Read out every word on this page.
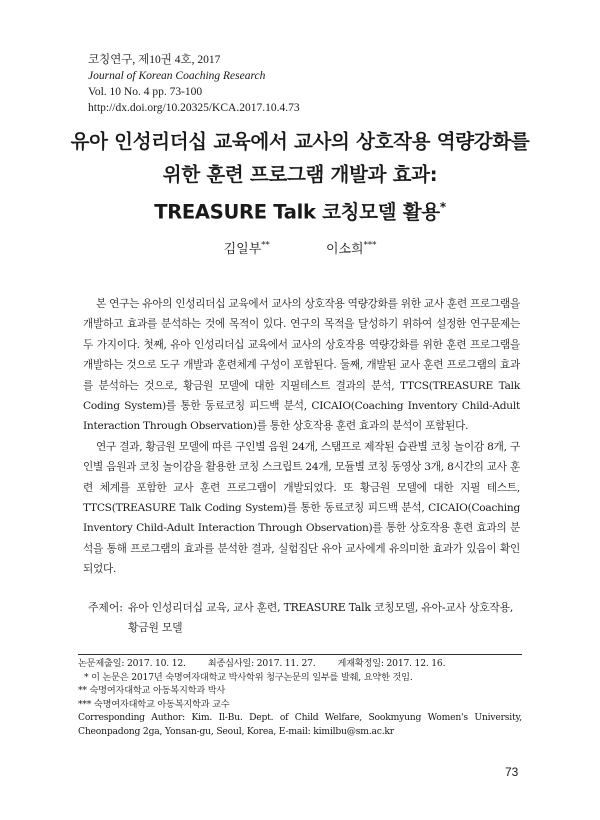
코칭연구, 제10권 4호, 2017
Journal of Korean Coaching Research
Vol. 10 No. 4 pp. 73-100
http://dx.doi.org/10.20325/KCA.2017.10.4.73
유아 인성리더십 교육에서 교사의 상호작용 역량강화를
위한 훈련 프로그램 개발과 효과:
TREASURE Talk 코칭모델 활용*
김일부**	이소희***

본 연구는 유아의 인성리더십 교육에서 교사의 상호작용 역량강화를 위한 교사 훈련 프로그램을 개발하고 효과를 분석하는 것에 목적이 있다. 연구의 목적을 달성하기 위하여 설정한 연구문제는 두 가지이다. 첫째, 유아 인성리더십 교육에서 교사의 상호작용 역량강화를 위한 훈련 프로그램을 개발하는 것으로 도구 개발과 훈련체계 구성이 포함된다. 둘째, 개발된 교사 훈련 프로그램의 효과를 분석하는 것으로, 황금원 모델에 대한 지필테스트 결과의 분석, TTCS(TREASURE Talk Coding System)를 통한 동료코칭 피드백 분석, CICAIO(Coaching Inventory Child-Adult Interaction Through Observation)를 통한 상호작용 훈련 효과의 분석이 포함된다.

연구 결과, 황금원 모델에 따른 구인별 음원 24개, 스탬프로 제작된 습관별 코칭 놀이감 8개, 구인별 음원과 코칭 놀이감을 활용한 코칭 스크립트 24개, 모듈별 코칭 동영상 3개, 8시간의 교사 훈련 체계를 포함한 교사 훈련 프로그램이 개발되었다. 또 황금원 모델에 대한 지필 테스트, TTCS(TREASURE Talk Coding System)를 통한 동료코칭 피드백 분석, CICAIO(Coaching Inventory Child-Adult Interaction Through Observation)를 통한 상호작용 훈련 효과의 분석을 통해 프로그램의 효과를 분석한 결과, 실험집단 유아 교사에게 유의미한 효과가 있음이 확인되었다.

주제어: 유아 인성리더십 교육, 교사 훈련, TREASURE Talk 코칭모델, 유아-교사 상호작용, 황금원 모델
논문제출일: 2017. 10. 12. 최종심사일: 2017. 11. 27. 게재확정일: 2017. 12. 16.
* 이 논문은 2017년 숙명여자대학교 박사학위 청구논문의 일부를 발췌, 요약한 것임.
** 숙명여자대학교 아동복지학과 박사
*** 숙명여자대학교 아동복지학과 교수
Corresponding Author: Kim. Il-Bu. Dept. of Child Welfare, Sookmyung Women's University, Cheonpadong 2ga, Yonsan-gu, Seoul, Korea, E-mail: kimilbu@sm.ac.kr
73
